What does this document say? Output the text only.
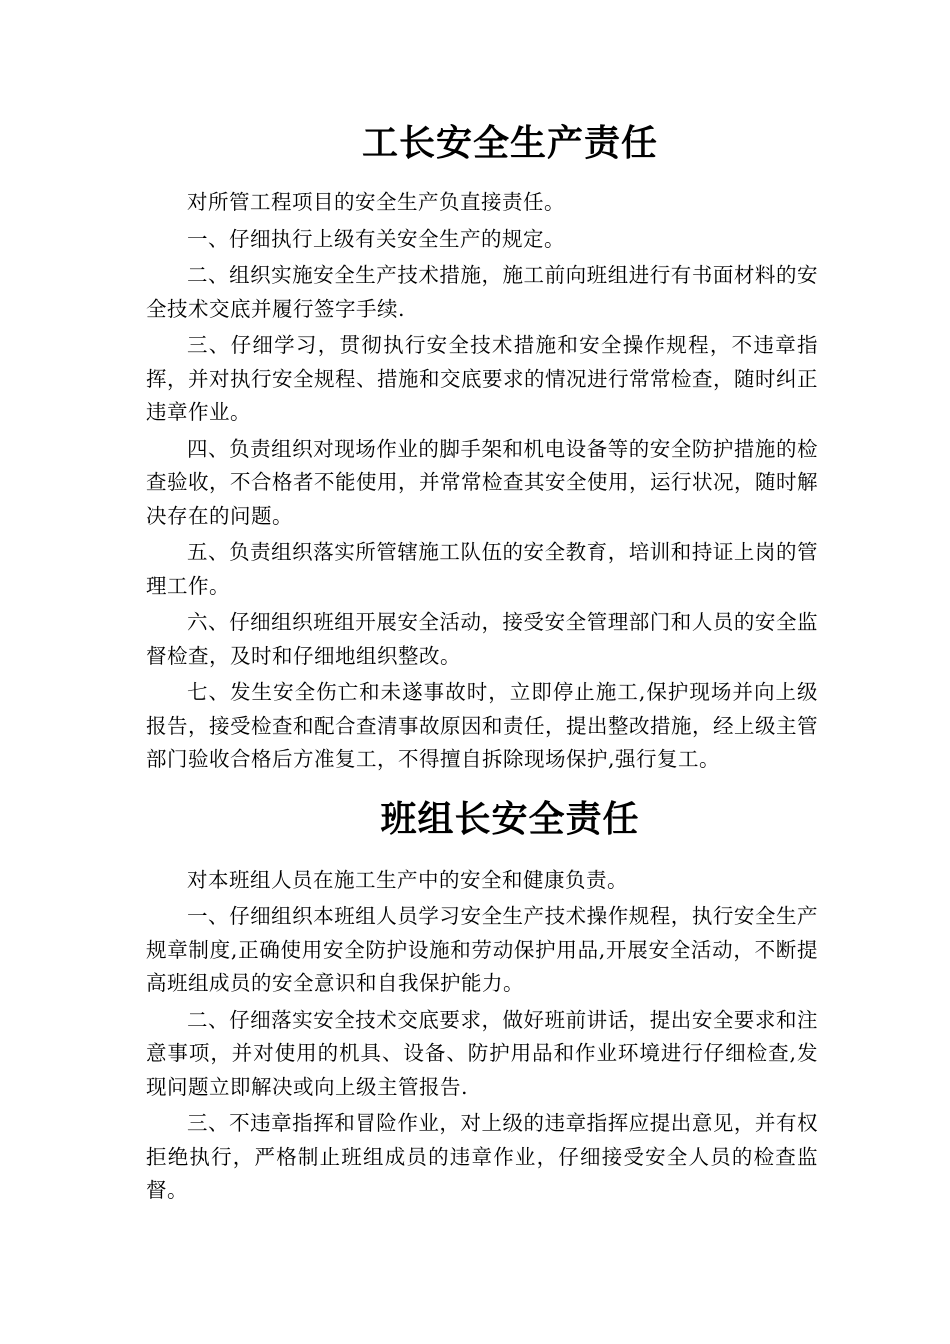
工长安全生产责任

对所管工程项目的安全生产负直接责任。

一、仔细执行上级有关安全生产的规定。

二、组织实施安全生产技术措施，施工前向班组进行有书面材料的安全技术交底并履行签字手续.

三、仔细学习，贯彻执行安全技术措施和安全操作规程，不违章指挥，并对执行安全规程、措施和交底要求的情况进行常常检查，随时纠正违章作业。

四、负责组织对现场作业的脚手架和机电设备等的安全防护措施的检查验收，不合格者不能使用，并常常检查其安全使用，运行状况，随时解决存在的问题。

五、负责组织落实所管辖施工队伍的安全教育，培训和持证上岗的管理工作。

六、仔细组织班组开展安全活动，接受安全管理部门和人员的安全监督检查，及时和仔细地组织整改。

七、发生安全伤亡和未遂事故时，立即停止施工,保护现场并向上级报告，接受检查和配合查清事故原因和责任，提出整改措施，经上级主管部门验收合格后方准复工，不得擅自拆除现场保护,强行复工。

班组长安全责任

对本班组人员在施工生产中的安全和健康负责。

一、仔细组织本班组人员学习安全生产技术操作规程，执行安全生产规章制度,正确使用安全防护设施和劳动保护用品,开展安全活动，不断提高班组成员的安全意识和自我保护能力。

二、仔细落实安全技术交底要求，做好班前讲话，提出安全要求和注意事项，并对使用的机具、设备、防护用品和作业环境进行仔细检查,发现问题立即解决或向上级主管报告.

三、不违章指挥和冒险作业，对上级的违章指挥应提出意见，并有权拒绝执行，严格制止班组成员的违章作业，仔细接受安全人员的检查监督。
